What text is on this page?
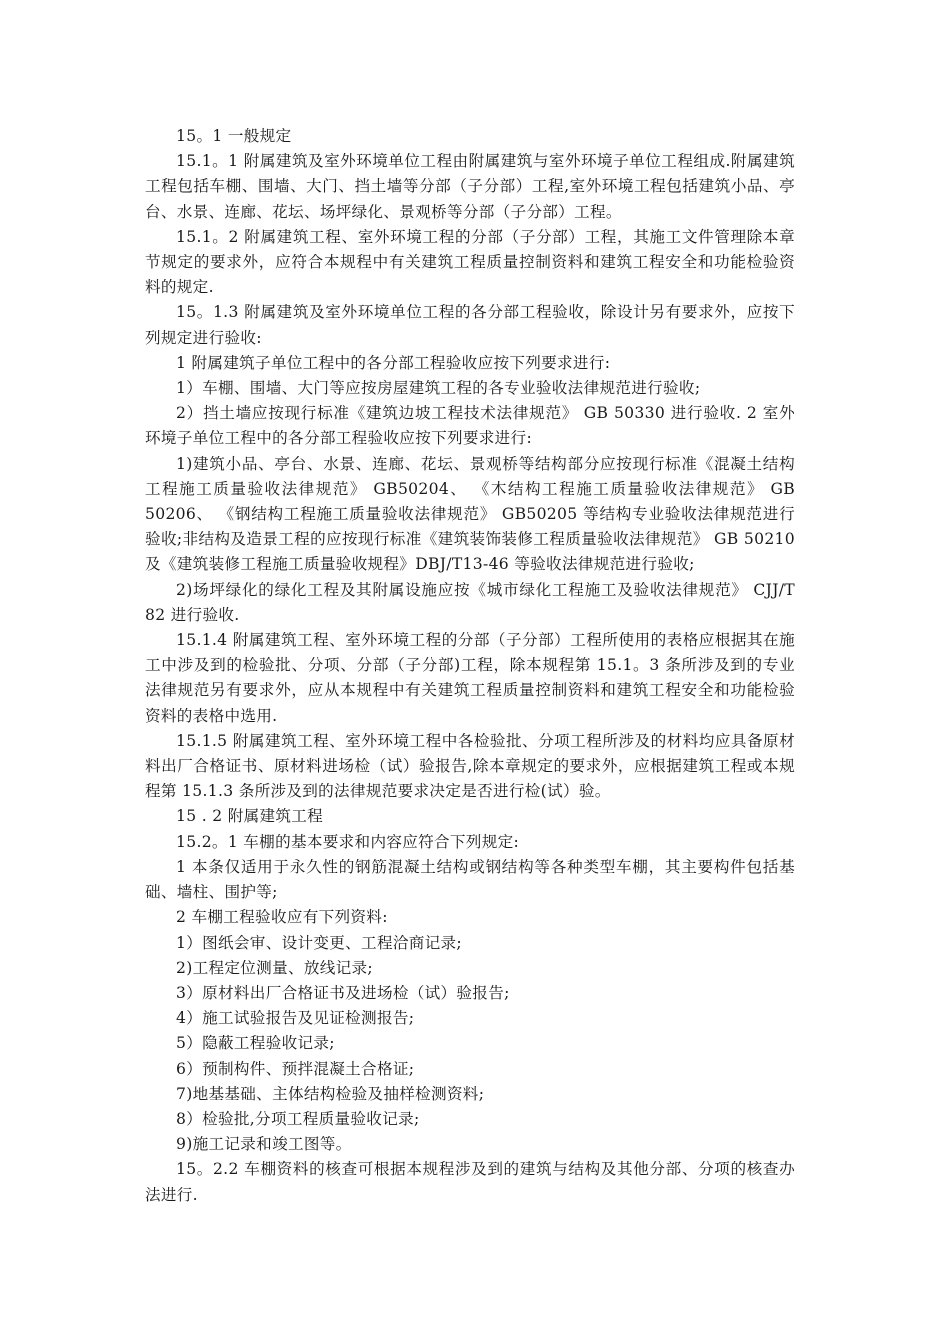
15。1 一般规定

15.1。1 附属建筑及室外环境单位工程由附属建筑与室外环境子单位工程组成.附属建筑工程包括车棚、围墙、大门、挡土墙等分部（子分部）工程,室外环境工程包括建筑小品、亭台、水景、连廊、花坛、场坪绿化、景观桥等分部（子分部）工程。

15.1。2 附属建筑工程、室外环境工程的分部（子分部）工程，其施工文件管理除本章节规定的要求外，应符合本规程中有关建筑工程质量控制资料和建筑工程安全和功能检验资料的规定.

15。1.3 附属建筑及室外环境单位工程的各分部工程验收，除设计另有要求外，应按下列规定进行验收:

1 附属建筑子单位工程中的各分部工程验收应按下列要求进行:

1）车棚、围墙、大门等应按房屋建筑工程的各专业验收法律规范进行验收;

2）挡土墙应按现行标准《建筑边坡工程技术法律规范》 GB 50330 进行验收. 2 室外环境子单位工程中的各分部工程验收应按下列要求进行:

1)建筑小品、亭台、水景、连廊、花坛、景观桥等结构部分应按现行标准《混凝土结构工程施工质量验收法律规范》 GB50204、 《木结构工程施工质量验收法律规范》 GB 50206、 《钢结构工程施工质量验收法律规范》 GB50205 等结构专业验收法律规范进行验收;非结构及造景工程的应按现行标准《建筑装饰装修工程质量验收法律规范》 GB 50210 及《建筑装修工程施工质量验收规程》DBJ/T13-46 等验收法律规范进行验收;

2)场坪绿化的绿化工程及其附属设施应按《城市绿化工程施工及验收法律规范》 CJJ/T 82 进行验收.

15.1.4 附属建筑工程、室外环境工程的分部（子分部）工程所使用的表格应根据其在施工中涉及到的检验批、分项、分部（子分部)工程，除本规程第 15.1。3 条所涉及到的专业法律规范另有要求外，应从本规程中有关建筑工程质量控制资料和建筑工程安全和功能检验资料的表格中选用.

15.1.5 附属建筑工程、室外环境工程中各检验批、分项工程所涉及的材料均应具备原材料出厂合格证书、原材料进场检（试）验报告,除本章规定的要求外，应根据建筑工程或本规程第 15.1.3 条所涉及到的法律规范要求决定是否进行检(试）验。

15 . 2 附属建筑工程

15.2。1 车棚的基本要求和内容应符合下列规定:

1 本条仅适用于永久性的钢筋混凝土结构或钢结构等各种类型车棚，其主要构件包括基础、墙柱、围护等;

2 车棚工程验收应有下列资料:

1）图纸会审、设计变更、工程洽商记录;

2)工程定位测量、放线记录;

3）原材料出厂合格证书及进场检（试）验报告;

4）施工试验报告及见证检测报告;

5）隐蔽工程验收记录;

6）预制构件、预拌混凝土合格证;

7)地基基础、主体结构检验及抽样检测资料;

8）检验批,分项工程质量验收记录;

9)施工记录和竣工图等。

15。2.2 车棚资料的核查可根据本规程涉及到的建筑与结构及其他分部、分项的核查办法进行.
